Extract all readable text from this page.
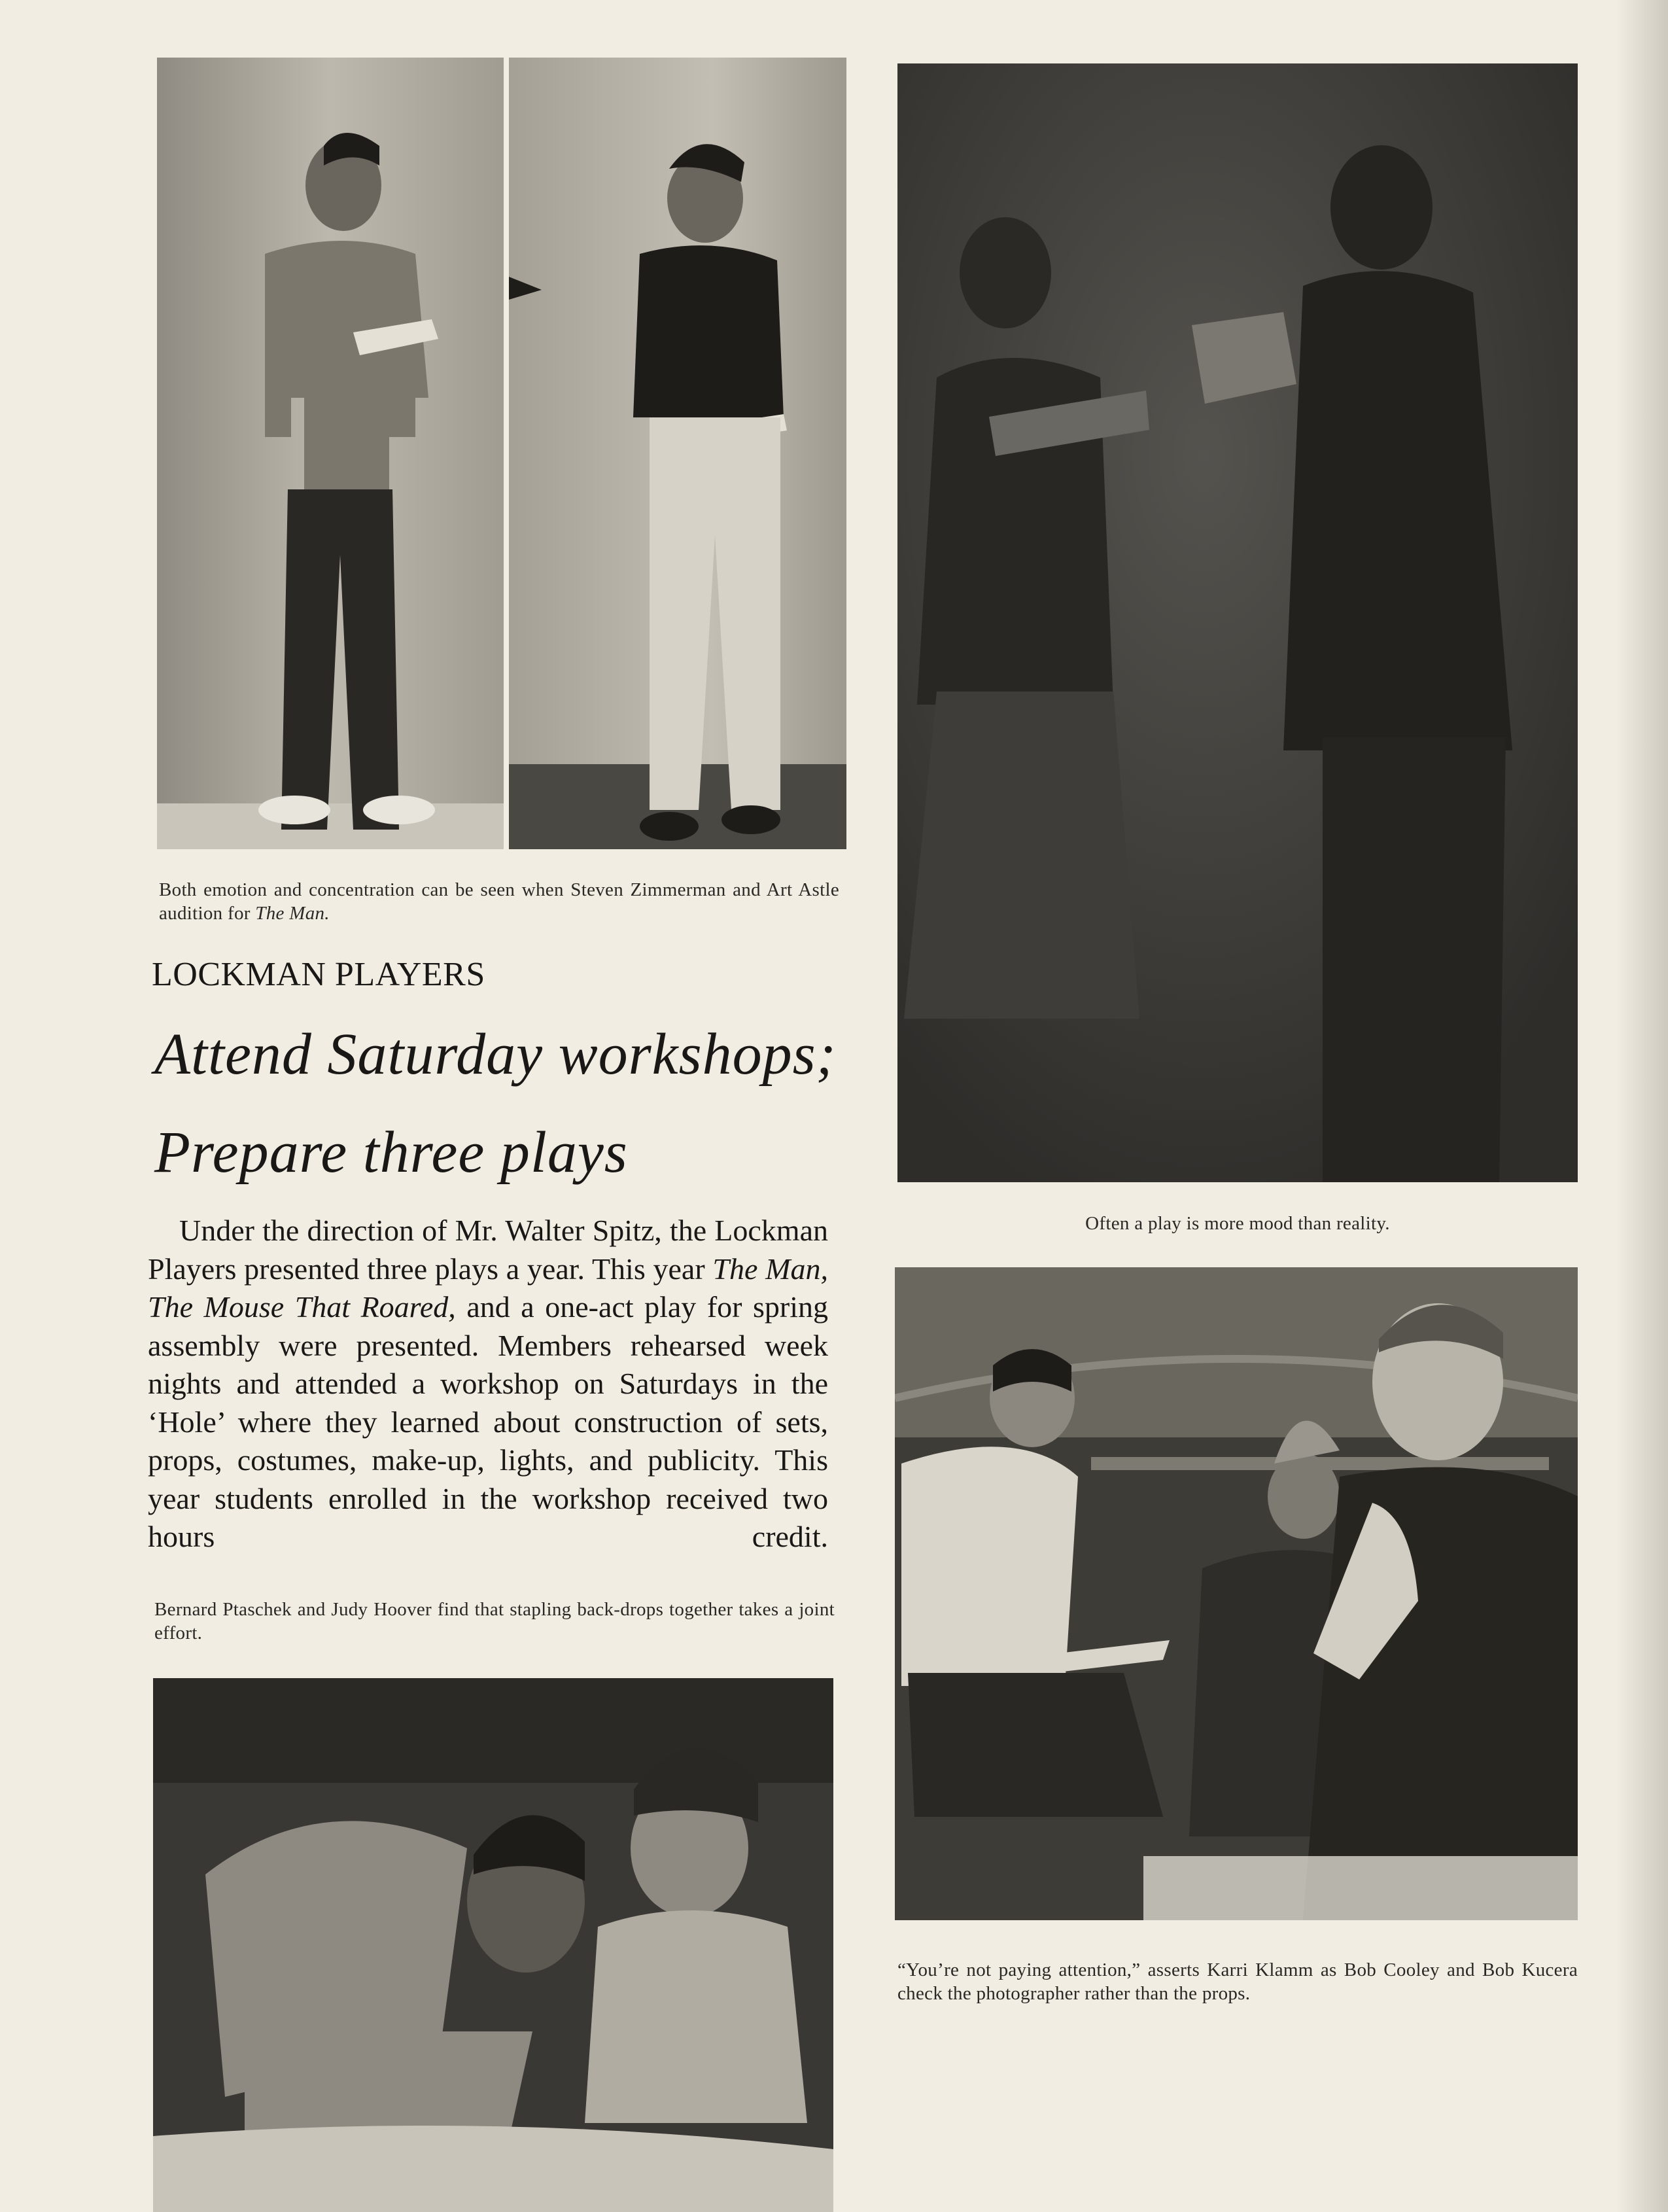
Both emotion and concentration can be seen when Steven Zimmerman and Art Astle audition for The Man.
LOCKMAN PLAYERS
Attend Saturday workshops;
Prepare three plays
Under the direction of Mr. Walter Spitz, the Lockman Players presented three plays a year. This year The Man, The Mouse That Roared, and a one-act play for spring assembly were presented. Members rehearsed week nights and attended a workshop on Saturdays in the ‘Hole’ where they learned about construction of sets, props, costumes, make-up, lights, and publicity. This year students enrolled in the workshop received two hours credit.
Often a play is more mood than reality.
“You’re not paying attention,” asserts Karri Klamm as Bob Cooley and Bob Kucera check the photographer rather than the props.
Bernard Ptaschek and Judy Hoover find that stapling back-drops together takes a joint effort.
